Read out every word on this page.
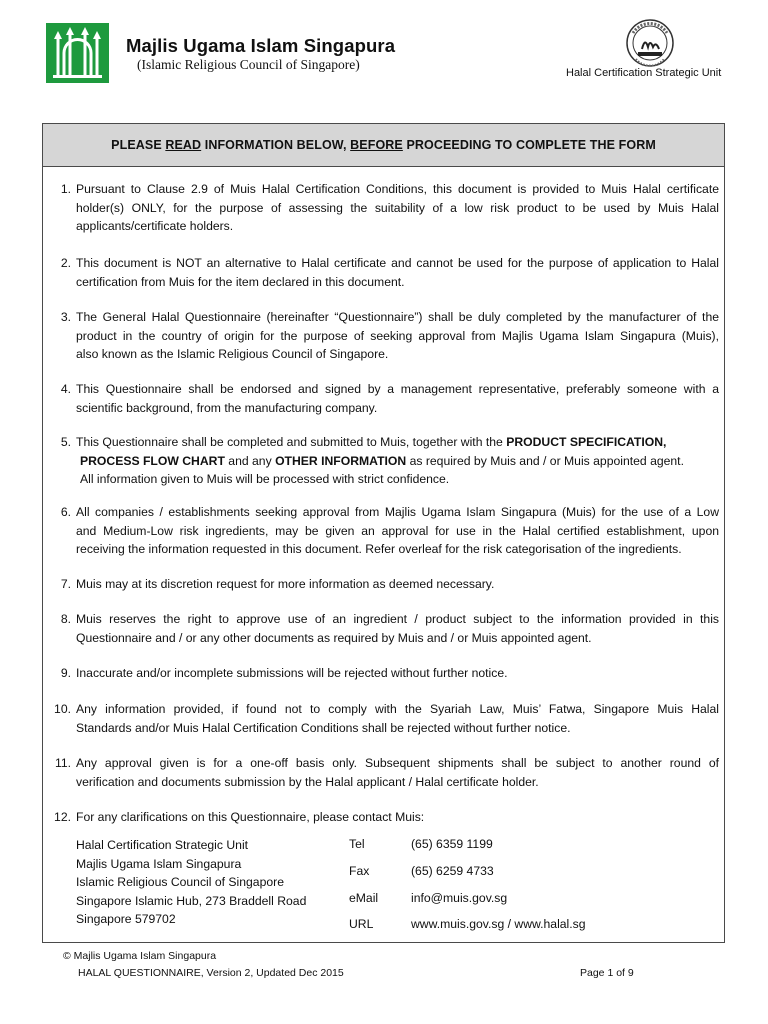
Majlis Ugama Islam Singapura
(Islamic Religious Council of Singapore)
Halal Certification Strategic Unit
PLEASE
READ
INFORMATION BELOW,
BEFORE
PROCEEDING TO COMPLETE THE FORM
1. Pursuant to Clause 2.9 of Muis Halal Certification Conditions, this document is provided to Muis Halal certificate
holder(s) ONLY, for the purpose of assessing the suitability of a low risk product to be used by Muis Halal
applicants/certificate holders.
2. This document is NOT an alternative to Halal certificate and cannot be used for the purpose of application to Halal
certification from Muis for the item declared in this document.
3. The General Halal Questionnaire (hereinafter “Questionnaire”) shall be duly completed by the manufacturer of the
product in the country of origin for the purpose of seeking approval from Majlis Ugama Islam Singapura (Muis),
also known as the Islamic Religious Council of Singapore.
4. This Questionnaire shall be endorsed and signed by a management representative, preferably someone with a
scientific background, from the manufacturing company.
5. This Questionnaire shall be completed and submitted to Muis, together with the PRODUCT SPECIFICATION,
PROCESS FLOW CHART and any OTHER INFORMATION as required by Muis and / or Muis appointed agent.
All information given to Muis will be processed with strict confidence.
6. All companies / establishments seeking approval from Majlis Ugama Islam Singapura (Muis) for the use of a Low
and Medium-Low risk ingredients, may be given an approval for use in the Halal certified establishment, upon
receiving the information requested in this document. Refer overleaf for the risk categorisation of the ingredients.
7. Muis may at its discretion request for more information as deemed necessary.
8. Muis reserves the right to approve use of an ingredient / product subject to the information provided in this
Questionnaire and / or any other documents as required by Muis and / or Muis appointed agent.
9. Inaccurate and/or incomplete submissions will be rejected without further notice.
10. Any information provided, if found not to comply with the Syariah Law, Muis’ Fatwa, Singapore Muis Halal
Standards and/or Muis Halal Certification Conditions shall be rejected without further notice.
11. Any approval given is for a one-off basis only. Subsequent shipments shall be subject to another round of
verification and documents submission by the Halal applicant / Halal certificate holder.
12. For any clarifications on this Questionnaire, please contact Muis:
Halal Certification Strategic Unit
Majlis Ugama Islam Singapura
Islamic Religious Council of Singapore
Singapore Islamic Hub, 273 Braddell Road
Singapore 579702
Tel	(65) 6359 1199
Fax	(65) 6259 4733
eMail	info@muis.gov.sg
URL	www.muis.gov.sg / www.halal.sg
© Majlis Ugama Islam Singapura
HALAL QUESTIONNAIRE, Version 2, Updated Dec 2015	Page 1 of 9
